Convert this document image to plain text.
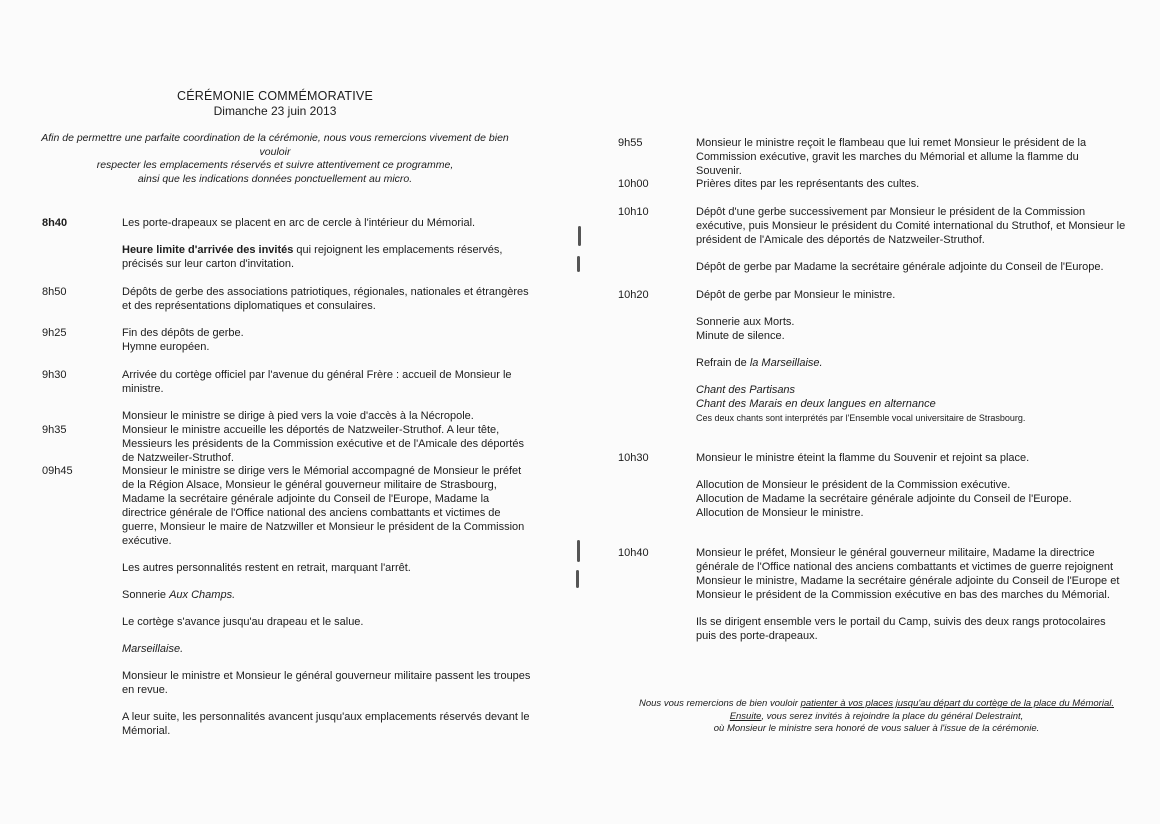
CÉRÉMONIE COMMÉMORATIVE
Dimanche 23 juin 2013
Afin de permettre une parfaite coordination de la cérémonie, nous vous remercions vivement de bien vouloir
respecter les emplacements réservés et suivre attentivement ce programme,
ainsi que les indications données ponctuellement au micro.
8h40	Les porte-drapeaux se placent en arc de cercle à l'intérieur du Mémorial.

Heure limite d'arrivée des invités qui rejoignent les emplacements réservés, précisés sur leur carton d'invitation.

8h50	Dépôts de gerbe des associations patriotiques, régionales, nationales et étrangères et des représentations diplomatiques et consulaires.

9h25	Fin des dépôts de gerbe.
Hymne européen.
9h30	Arrivée du cortège officiel par l'avenue du général Frère : accueil de Monsieur le ministre.

Monsieur le ministre se dirige à pied vers la voie d'accès à la Nécropole.

9h35	Monsieur le ministre accueille les déportés de Natzweiler-Struthof. A leur tête, Messieurs les présidents de la Commission exécutive et de l'Amicale des déportés de Natzweiler-Struthof.

09h45	Monsieur le ministre se dirige vers le Mémorial accompagné de Monsieur le préfet de la Région Alsace, Monsieur le général gouverneur militaire de Strasbourg, Madame la secrétaire générale adjointe du Conseil de l'Europe, Madame la directrice générale de l'Office national des anciens combattants et victimes de guerre, Monsieur le maire de Natzwiller et Monsieur le président de la Commission exécutive.

Les autres personnalités restent en retrait, marquant l'arrêt.

Sonnerie Aux Champs.

Le cortège s'avance jusqu'au drapeau et le salue.

Marseillaise.

Monsieur le ministre et Monsieur le général gouverneur militaire passent les troupes en revue.

A leur suite, les personnalités avancent jusqu'aux emplacements réservés devant le Mémorial.

9h55	Monsieur le ministre reçoit le flambeau que lui remet Monsieur le président de la Commission exécutive, gravit les marches du Mémorial et allume la flamme du Souvenir.

10h00	Prières dites par les représentants des cultes.

10h10	Dépôt d'une gerbe successivement par Monsieur le président de la Commission exécutive, puis Monsieur le président du Comité international du Struthof, et Monsieur le président de l'Amicale des déportés de Natzweiler-Struthof.

Dépôt de gerbe par Madame la secrétaire générale adjointe du Conseil de l'Europe.

10h20	Dépôt de gerbe par Monsieur le ministre.

Sonnerie aux Morts.
Minute de silence.

Refrain de la Marseillaise.

Chant des Partisans
Chant des Marais en deux langues en alternance
Ces deux chants sont interprétés par l'Ensemble vocal universitaire de Strasbourg.

10h30	Monsieur le ministre éteint la flamme du Souvenir et rejoint sa place.

Allocution de Monsieur le président de la Commission exécutive.
Allocution de Madame la secrétaire générale adjointe du Conseil de l'Europe.
Allocution de Monsieur le ministre.

10h40	Monsieur le préfet, Monsieur le général gouverneur militaire, Madame la directrice générale de l'Office national des anciens combattants et victimes de guerre rejoignent Monsieur le ministre, Madame la secrétaire générale adjointe du Conseil de l'Europe et Monsieur le président de la Commission exécutive en bas des marches du Mémorial.

Ils se dirigent ensemble vers le portail du Camp, suivis des deux rangs protocolaires puis des porte-drapeaux.

Nous vous remercions de bien vouloir patienter à vos places jusqu'au départ du cortège de la place du Mémorial.
Ensuite, vous serez invités à rejoindre la place du général Delestraint,
où Monsieur le ministre sera honoré de vous saluer à l'issue de la cérémonie.
